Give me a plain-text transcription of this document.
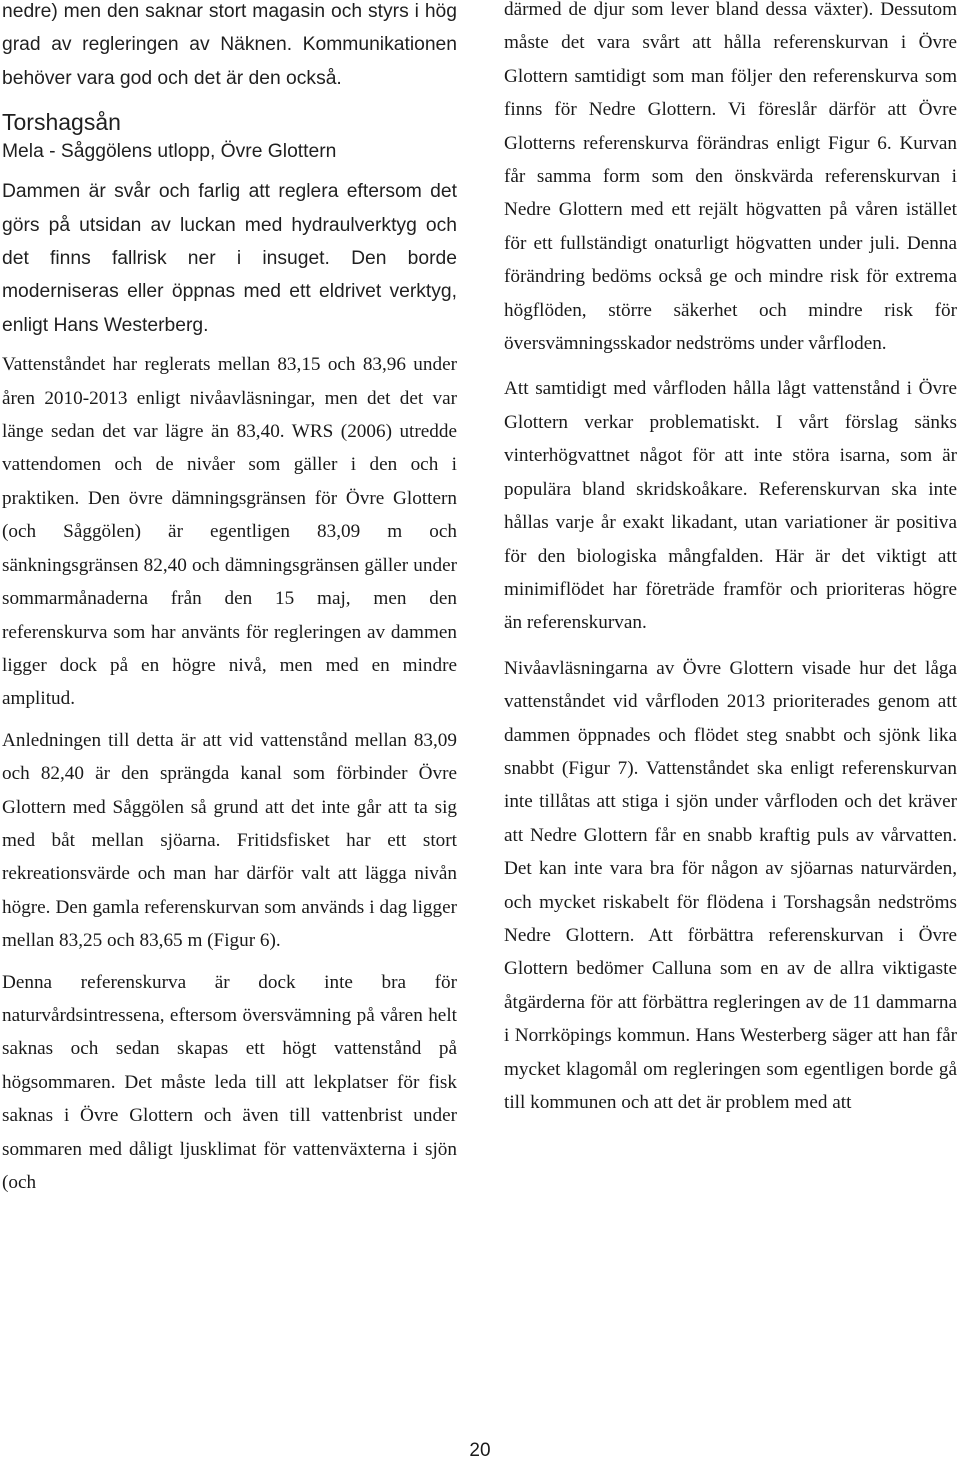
nedre) men den saknar stort magasin och styrs i hög grad av regleringen av Näknen. Kommunikationen behöver vara god och det är den också.

Torshagsån
Mela - Såggölens utlopp, Övre Glottern

Dammen är svår och farlig att reglera eftersom det görs på utsidan av luckan med hydraulverktyg och det finns fallrisk ner i insuget. Den borde moderniseras eller öppnas med ett eldrivet verktyg, enligt Hans Westerberg.

Vattenståndet har reglerats mellan 83,15 och 83,96 under åren 2010-2013 enligt nivåavläsningar, men det det var länge sedan det var lägre än 83,40. WRS (2006) utredde vattendomen och de nivåer som gäller i den och i praktiken. Den övre dämningsgränsen för Övre Glottern (och Såggölen) är egentligen 83,09 m och sänkningsgränsen 82,40 och dämningsgränsen gäller under sommarmånaderna från den 15 maj, men den referenskurva som har använts för regleringen av dammen ligger dock på en högre nivå, men med en mindre amplitud.

Anledningen till detta är att vid vattenstånd mellan 83,09 och 82,40 är den sprängda kanal som förbinder Övre Glottern med Såggölen så grund att det inte går att ta sig med båt mellan sjöarna. Fritidsfisket har ett stort rekreationsvärde och man har därför valt att lägga nivån högre. Den gamla referenskurvan som används i dag ligger mellan 83,25 och 83,65 m (Figur 6).

Denna referenskurva är dock inte bra för naturvårdsintressena, eftersom översvämning på våren helt saknas och sedan skapas ett högt vattenstånd på högsommaren. Det måste leda till att lekplatser för fisk saknas i Övre Glottern och även till vattenbrist under sommaren med dåligt ljusklimat för vattenväxterna i sjön (och

därmed de djur som lever bland dessa växter). Dessutom måste det vara svårt att hålla referenskurvan i Övre Glottern samtidigt som man följer den referenskurva som finns för Nedre Glottern. Vi föreslår därför att Övre Glotterns referenskurva förändras enligt Figur 6. Kurvan får samma form som den önskvärda referenskurvan i Nedre Glottern med ett rejält högvatten på våren istället för ett fullständigt onaturligt högvatten under juli. Denna förändring bedöms också ge och mindre risk för extrema högflöden, större säkerhet och mindre risk för översvämningsskador nedströms under vårfloden.

Att samtidigt med vårfloden hålla lågt vattenstånd i Övre Glottern verkar problematiskt. I vårt förslag sänks vinterhögvattnet något för att inte störa isarna, som är populära bland skridskoåkare. Referenskurvan ska inte hållas varje år exakt likadant, utan variationer är positiva för den biologiska mångfalden. Här är det viktigt att minimiflödet har företräde framför och prioriteras högre än referenskurvan.

Nivåavläsningarna av Övre Glottern visade hur det låga vattenståndet vid vårfloden 2013 prioriterades genom att dammen öppnades och flödet steg snabbt och sjönk lika snabbt (Figur 7). Vattenståndet ska enligt referenskurvan inte tillåtas att stiga i sjön under vårfloden och det kräver att Nedre Glottern får en snabb kraftig puls av vårvatten. Det kan inte vara bra för någon av sjöarnas naturvärden, och mycket riskabelt för flödena i Torshagsån nedströms Nedre Glottern. Att förbättra referenskurvan i Övre Glottern bedömer Calluna som en av de allra viktigaste åtgärderna för att förbättra regleringen av de 11 dammarna i Norrköpings kommun. Hans Westerberg säger att han får mycket klagomål om regleringen som egentligen borde gå till kommunen och att det är problem med att

20
